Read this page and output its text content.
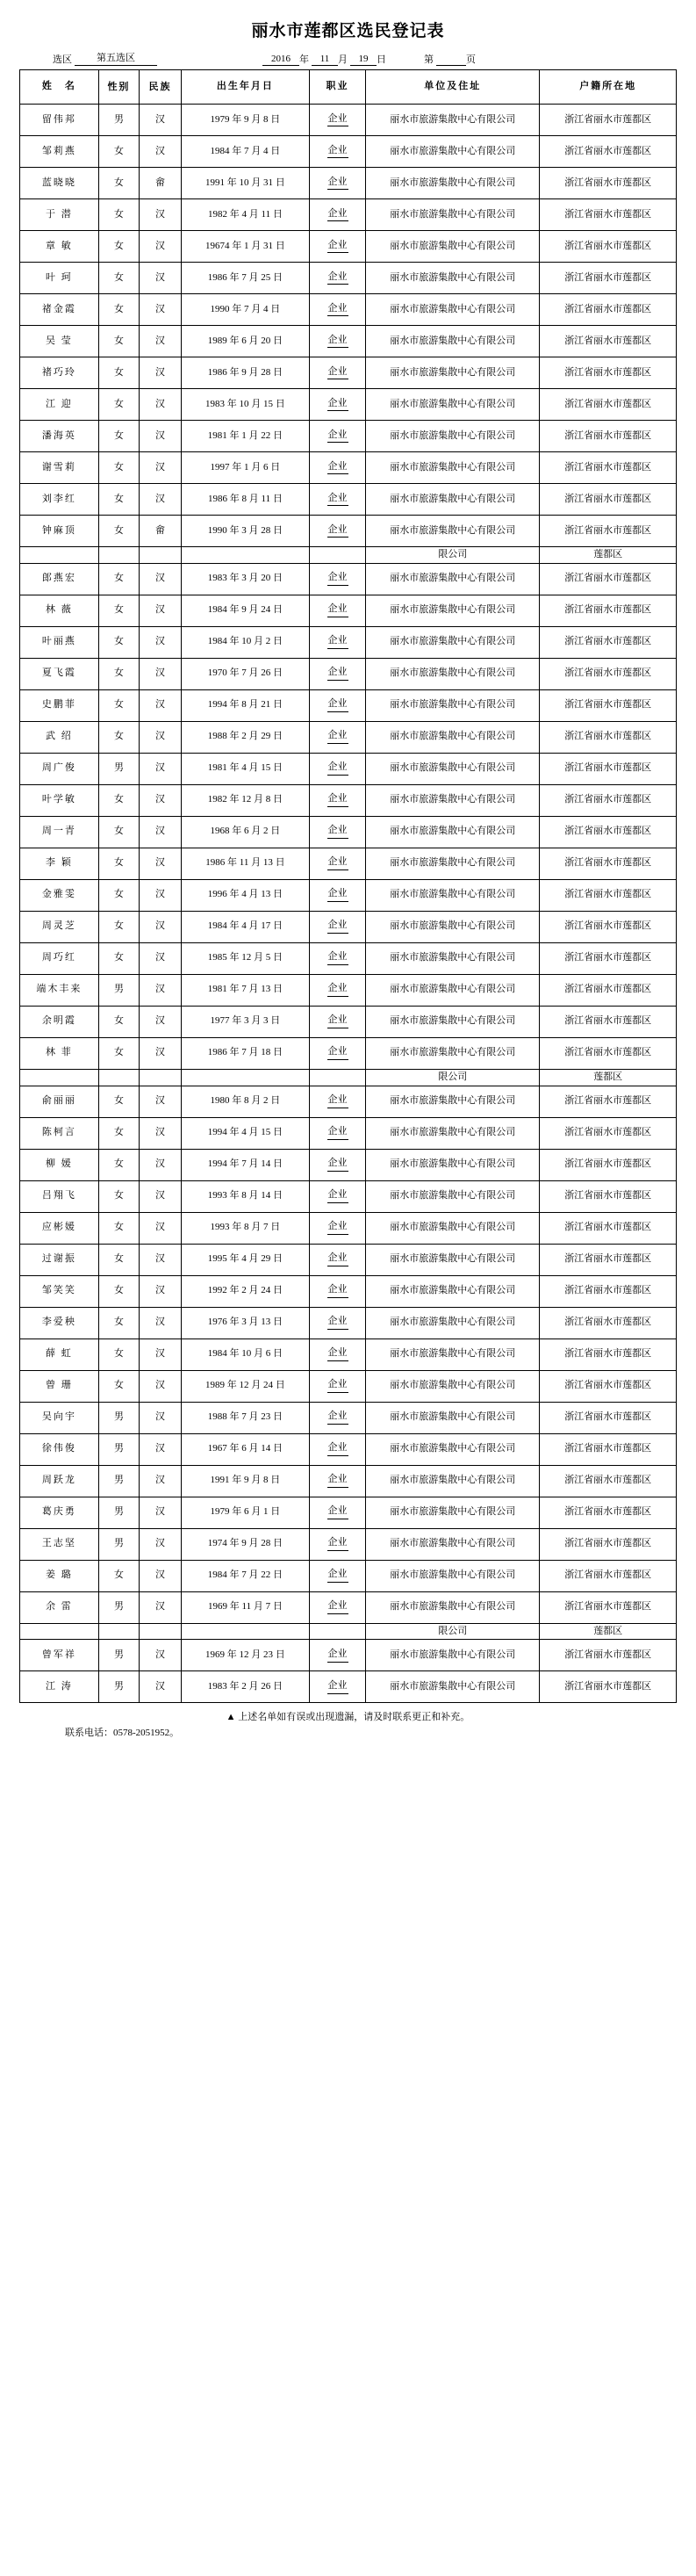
丽水市莲都区选民登记表
选区	第五选区	2016 年	11 月	19 日	第	页
姓　名	性别	民族	出生年月日	职业	单位及住址	户籍所在地
留伟邦	男	汉	1979 年 9 月 8 日	企业	丽水市旅游集散中心有限公司	浙江省丽水市莲都区
邹莉燕	女	汉	1984 年 7 月 4 日	企业	丽水市旅游集散中心有限公司	浙江省丽水市莲都区
蓝晓晓	女	畲	1991 年 10 月 31 日	企业	丽水市旅游集散中心有限公司	浙江省丽水市莲都区
于 潜	女	汉	1982 年 4 月 11 日	企业	丽水市旅游集散中心有限公司	浙江省丽水市莲都区
章 敏	女	汉	19674 年 1 月 31 日	企业	丽水市旅游集散中心有限公司	浙江省丽水市莲都区
叶 珂	女	汉	1986 年 7 月 25 日	企业	丽水市旅游集散中心有限公司	浙江省丽水市莲都区
禇金霞	女	汉	1990 年 7 月 4 日	企业	丽水市旅游集散中心有限公司	浙江省丽水市莲都区
吴 莹	女	汉	1989 年 6 月 20 日	企业	丽水市旅游集散中心有限公司	浙江省丽水市莲都区
褚巧玲	女	汉	1986 年 9 月 28 日	企业	丽水市旅游集散中心有限公司	浙江省丽水市莲都区
江 迎	女	汉	1983 年 10 月 15 日	企业	丽水市旅游集散中心有限公司	浙江省丽水市莲都区
潘海英	女	汉	1981 年 1 月 22 日	企业	丽水市旅游集散中心有限公司	浙江省丽水市莲都区
谢雪莉	女	汉	1997 年 1 月 6 日	企业	丽水市旅游集散中心有限公司	浙江省丽水市莲都区
刘李红	女	汉	1986 年 8 月 11 日	企业	丽水市旅游集散中心有限公司	浙江省丽水市莲都区
钟麻顶	女	畲	1990 年 3 月 28 日	企业	丽水市旅游集散中心有限公司	浙江省丽水市莲都区
					限公司	莲都区
郎燕宏	女	汉	1983 年 3 月 20 日	企业	丽水市旅游集散中心有限公司	浙江省丽水市莲都区
林 薇	女	汉	1984 年 9 月 24 日	企业	丽水市旅游集散中心有限公司	浙江省丽水市莲都区
叶丽燕	女	汉	1984 年 10 月 2 日	企业	丽水市旅游集散中心有限公司	浙江省丽水市莲都区
夏飞霞	女	汉	1970 年 7 月 26 日	企业	丽水市旅游集散中心有限公司	浙江省丽水市莲都区
史鹏菲	女	汉	1994 年 8 月 21 日	企业	丽水市旅游集散中心有限公司	浙江省丽水市莲都区
武 绍	女	汉	1988 年 2 月 29 日	企业	丽水市旅游集散中心有限公司	浙江省丽水市莲都区
周广俊	男	汉	1981 年 4 月 15 日	企业	丽水市旅游集散中心有限公司	浙江省丽水市莲都区
叶学敏	女	汉	1982 年 12 月 8 日	企业	丽水市旅游集散中心有限公司	浙江省丽水市莲都区
周一青	女	汉	1968 年 6 月 2 日	企业	丽水市旅游集散中心有限公司	浙江省丽水市莲都区
李 颖	女	汉	1986 年 11 月 13 日	企业	丽水市旅游集散中心有限公司	浙江省丽水市莲都区
金雅雯	女	汉	1996 年 4 月 13 日	企业	丽水市旅游集散中心有限公司	浙江省丽水市莲都区
周灵芝	女	汉	1984 年 4 月 17 日	企业	丽水市旅游集散中心有限公司	浙江省丽水市莲都区
周巧红	女	汉	1985 年 12 月 5 日	企业	丽水市旅游集散中心有限公司	浙江省丽水市莲都区
端木丰来	男	汉	1981 年 7 月 13 日	企业	丽水市旅游集散中心有限公司	浙江省丽水市莲都区
余明霞	女	汉	1977 年 3 月 3 日	企业	丽水市旅游集散中心有限公司	浙江省丽水市莲都区
林 菲	女	汉	1986 年 7 月 18 日	企业	丽水市旅游集散中心有限公司	浙江省丽水市莲都区
					限公司	莲都区
俞丽丽	女	汉	1980 年 8 月 2 日	企业	丽水市旅游集散中心有限公司	浙江省丽水市莲都区
陈柯言	女	汉	1994 年 4 月 15 日	企业	丽水市旅游集散中心有限公司	浙江省丽水市莲都区
柳 媛	女	汉	1994 年 7 月 14 日	企业	丽水市旅游集散中心有限公司	浙江省丽水市莲都区
吕翔飞	女	汉	1993 年 8 月 14 日	企业	丽水市旅游集散中心有限公司	浙江省丽水市莲都区
应彬媛	女	汉	1993 年 8 月 7 日	企业	丽水市旅游集散中心有限公司	浙江省丽水市莲都区
过谢振	女	汉	1995 年 4 月 29 日	企业	丽水市旅游集散中心有限公司	浙江省丽水市莲都区
邹笑笑	女	汉	1992 年 2 月 24 日	企业	丽水市旅游集散中心有限公司	浙江省丽水市莲都区
李爱秧	女	汉	1976 年 3 月 13 日	企业	丽水市旅游集散中心有限公司	浙江省丽水市莲都区
薛 虹	女	汉	1984 年 10 月 6 日	企业	丽水市旅游集散中心有限公司	浙江省丽水市莲都区
曾 珊	女	汉	1989 年 12 月 24 日	企业	丽水市旅游集散中心有限公司	浙江省丽水市莲都区
吴向宇	男	汉	1988 年 7 月 23 日	企业	丽水市旅游集散中心有限公司	浙江省丽水市莲都区
徐伟俊	男	汉	1967 年 6 月 14 日	企业	丽水市旅游集散中心有限公司	浙江省丽水市莲都区
周跃龙	男	汉	1991 年 9 月 8 日	企业	丽水市旅游集散中心有限公司	浙江省丽水市莲都区
葛庆勇	男	汉	1979 年 6 月 1 日	企业	丽水市旅游集散中心有限公司	浙江省丽水市莲都区
王志坚	男	汉	1974 年 9 月 28 日	企业	丽水市旅游集散中心有限公司	浙江省丽水市莲都区
姜 璐	女	汉	1984 年 7 月 22 日	企业	丽水市旅游集散中心有限公司	浙江省丽水市莲都区
余 雷	男	汉	1969 年 11 月 7 日	企业	丽水市旅游集散中心有限公司	浙江省丽水市莲都区
					限公司	莲都区
曾军祥	男	汉	1969 年 12 月 23 日	企业	丽水市旅游集散中心有限公司	浙江省丽水市莲都区
江 涛	男	汉	1983 年 2 月 26 日	企业	丽水市旅游集散中心有限公司	浙江省丽水市莲都区
▲ 上述名单如有误或出现遗漏，请及时联系更正和补充。
联系电话：0578-2051952。
